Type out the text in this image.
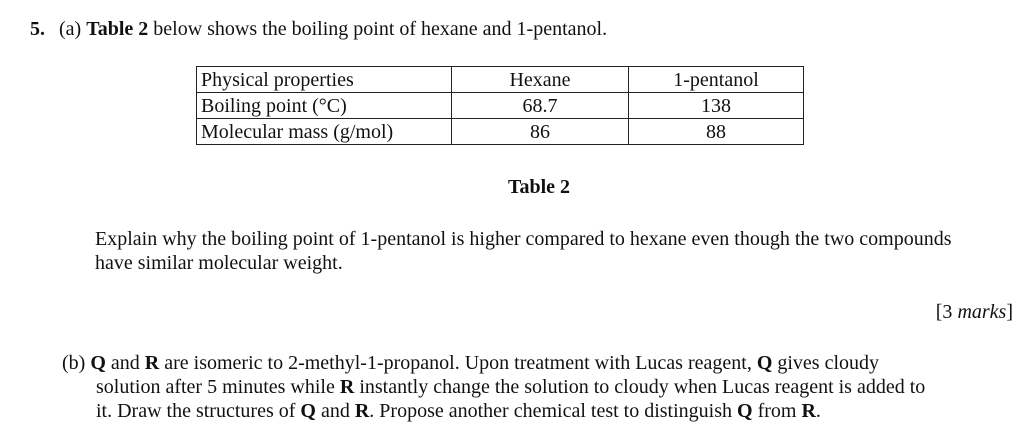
5. (a) Table 2 below shows the boiling point of hexane and 1-pentanol.
Physical properties	Hexane	1-pentanol
Boiling point (°C)	68.7	138
Molecular mass (g/mol)	86	88
Table 2
Explain why the boiling point of 1-pentanol is higher compared to hexane even though the two compounds
have similar molecular weight.
[3 marks]
(b) Q and R are isomeric to 2-methyl-1-propanol. Upon treatment with Lucas reagent, Q gives cloudy
solution after 5 minutes while R instantly change the solution to cloudy when Lucas reagent is added to
it. Draw the structures of Q and R. Propose another chemical test to distinguish Q from R.
